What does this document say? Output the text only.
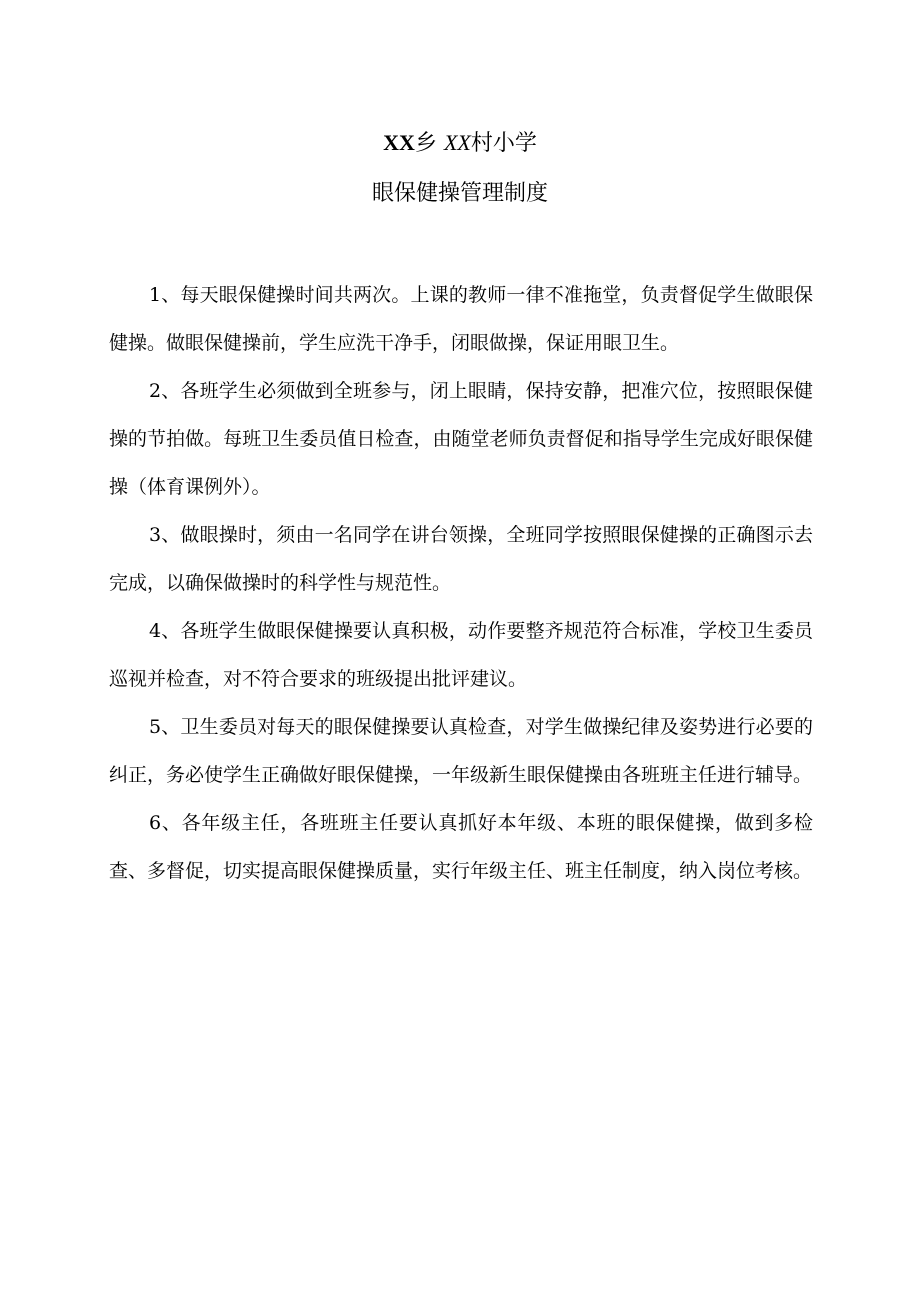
XX乡 XX村小学
眼保健操管理制度

1、每天眼保健操时间共两次。上课的教师一律不准拖堂，负责督促学生做眼保健操。做眼保健操前，学生应洗干净手，闭眼做操，保证用眼卫生。

2、各班学生必须做到全班参与，闭上眼睛，保持安静，把准穴位，按照眼保健操的节拍做。每班卫生委员值日检查，由随堂老师负责督促和指导学生完成好眼保健操（体育课例外）。

3、做眼操时，须由一名同学在讲台领操，全班同学按照眼保健操的正确图示去完成，以确保做操时的科学性与规范性。

4、各班学生做眼保健操要认真积极，动作要整齐规范符合标准，学校卫生委员巡视并检查，对不符合要求的班级提出批评建议。

5、卫生委员对每天的眼保健操要认真检查，对学生做操纪律及姿势进行必要的纠正，务必使学生正确做好眼保健操，一年级新生眼保健操由各班班主任进行辅导。

6、各年级主任，各班班主任要认真抓好本年级、本班的眼保健操，做到多检查、多督促，切实提高眼保健操质量，实行年级主任、班主任制度，纳入岗位考核。
